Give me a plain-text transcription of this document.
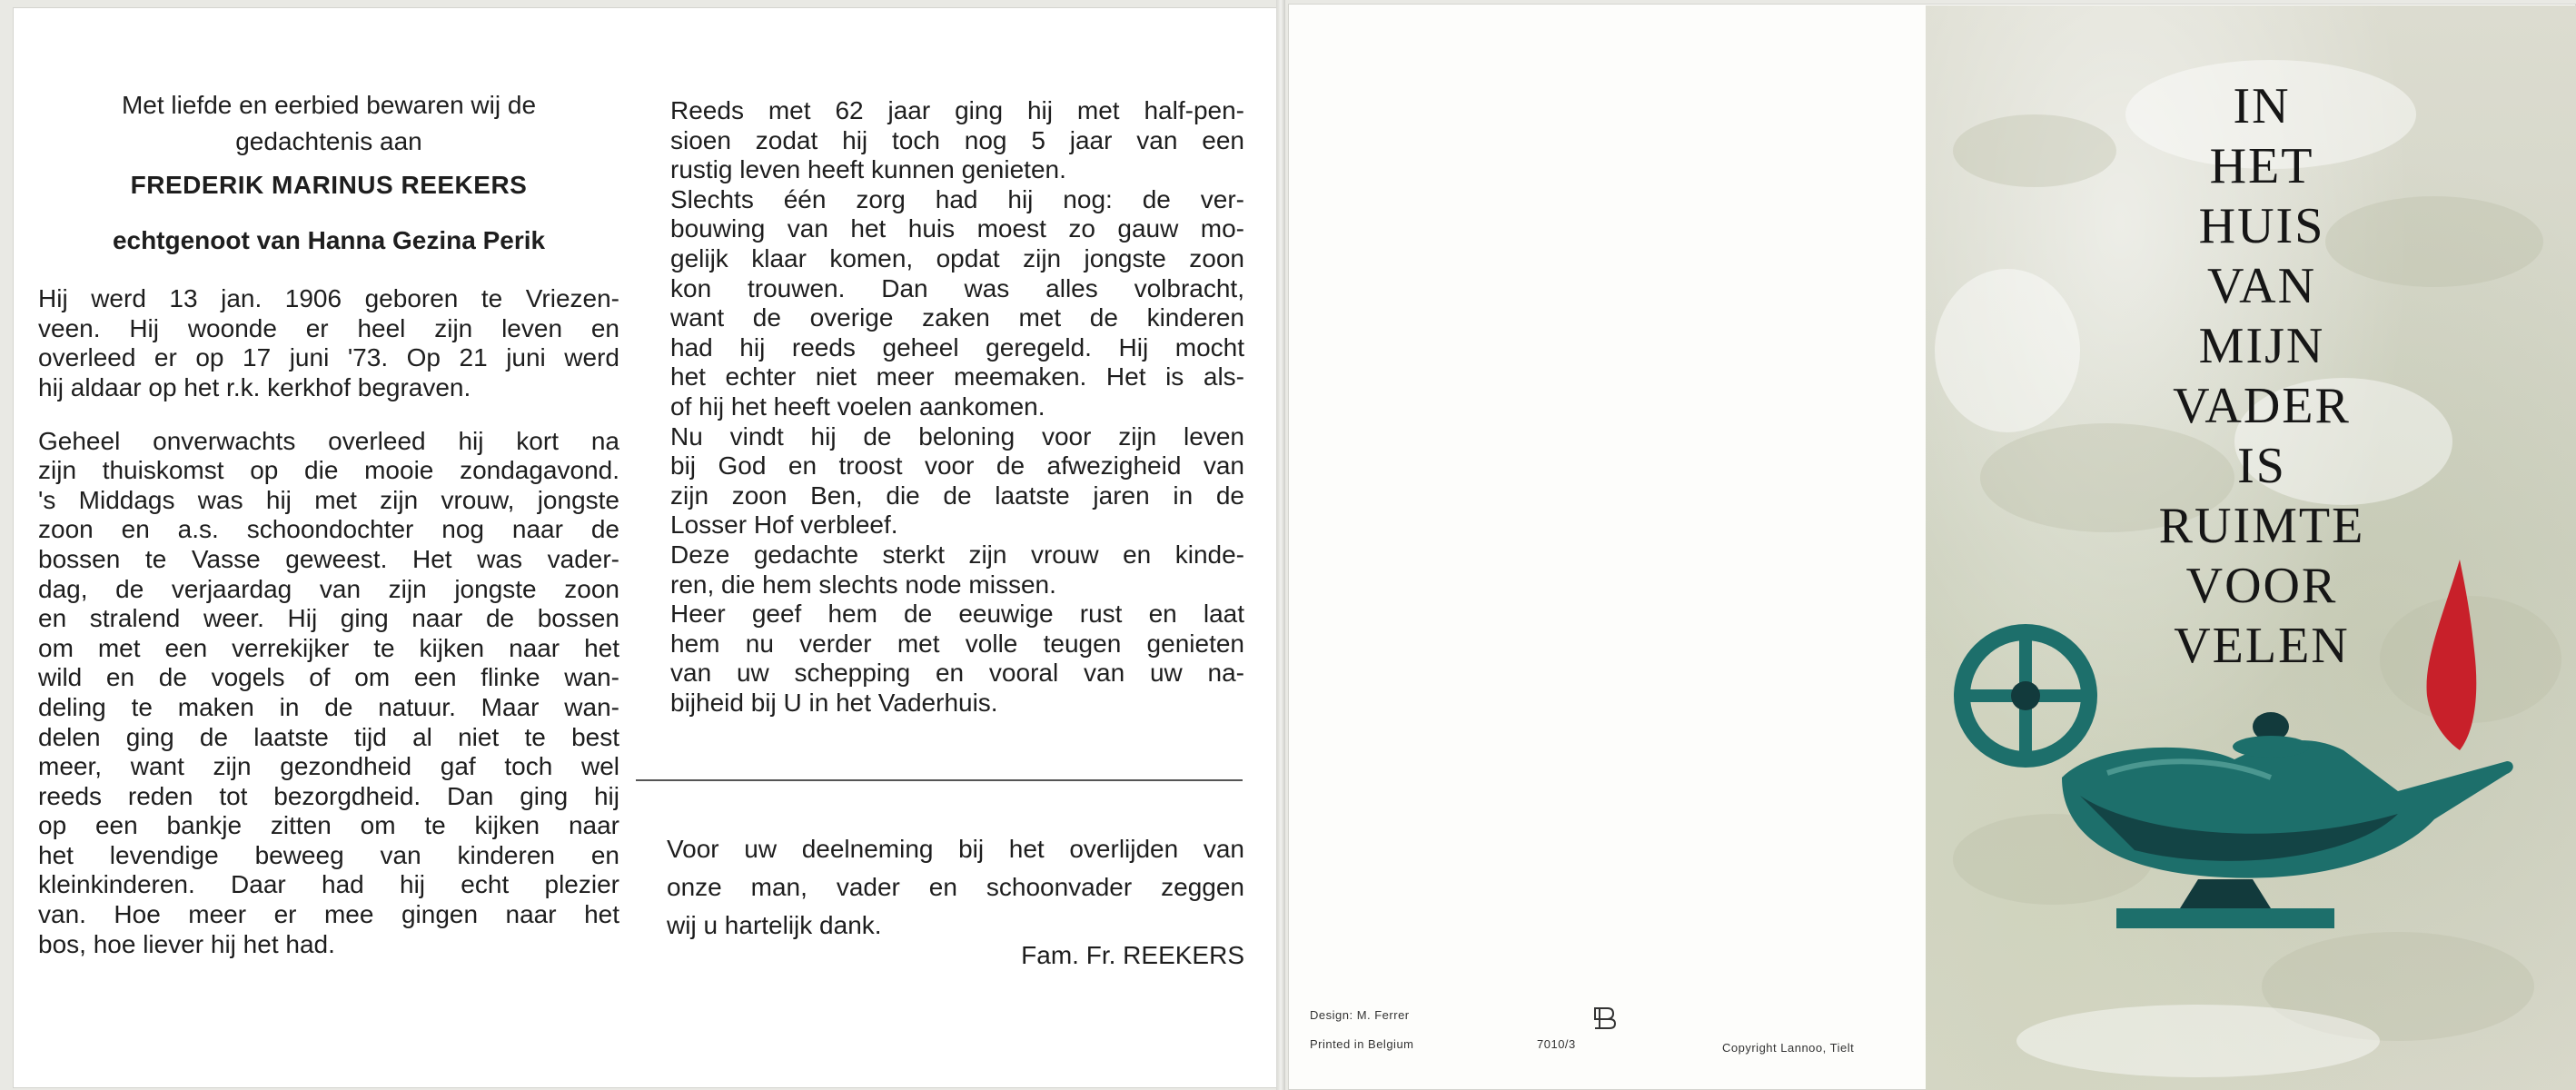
Met liefde en eerbied bewaren wij de
gedachtenis aan
FREDERIK MARINUS REEKERS
echtgenoot van Hanna Gezina Perik
Hij werd 13 jan. 1906 geboren te Vriezen-
veen. Hij woonde er heel zijn leven en
overleed er op 17 juni '73. Op 21 juni werd
hij aldaar op het r.k. kerkhof begraven.
Geheel onverwachts overleed hij kort na
zijn thuiskomst op die mooie zondagavond.
's Middags was hij met zijn vrouw, jongste
zoon en a.s. schoondochter nog naar de
bossen te Vasse geweest. Het was vader-
dag, de verjaardag van zijn jongste zoon
en stralend weer. Hij ging naar de bossen
om met een verrekijker te kijken naar het
wild en de vogels of om een flinke wan-
deling te maken in de natuur. Maar wan-
delen ging de laatste tijd al niet te best
meer, want zijn gezondheid gaf toch wel
reeds reden tot bezorgdheid. Dan ging hij
op een bankje zitten om te kijken naar
het levendige beweeg van kinderen en
kleinkinderen. Daar had hij echt plezier
van. Hoe meer er mee gingen naar het
bos, hoe liever hij het had.
Reeds met 62 jaar ging hij met half-pen-
sioen zodat hij toch nog 5 jaar van een
rustig leven heeft kunnen genieten.
Slechts één zorg had hij nog: de ver-
bouwing van het huis moest zo gauw mo-
gelijk klaar komen, opdat zijn jongste zoon
kon trouwen. Dan was alles volbracht,
want de overige zaken met de kinderen
had hij reeds geheel geregeld. Hij mocht
het echter niet meer meemaken. Het is als-
of hij het heeft voelen aankomen.
Nu vindt hij de beloning voor zijn leven
bij God en troost voor de afwezigheid van
zijn zoon Ben, die de laatste jaren in de
Losser Hof verbleef.
Deze gedachte sterkt zijn vrouw en kinde-
ren, die hem slechts node missen.
Heer geef hem de eeuwige rust en laat
hem nu verder met volle teugen genieten
van uw schepping en vooral van uw na-
bijheid bij U in het Vaderhuis.
Voor uw deelneming bij het overlijden van
onze man, vader en schoonvader zeggen
wij u hartelijk dank.
Fam. Fr. REEKERS
Design: M. Ferrer
Printed in Belgium	7010/3	Copyright Lannoo, Tielt
IN
HET
HUIS
VAN
MIJN
VADER
IS
RUIMTE
VOOR
VELEN
